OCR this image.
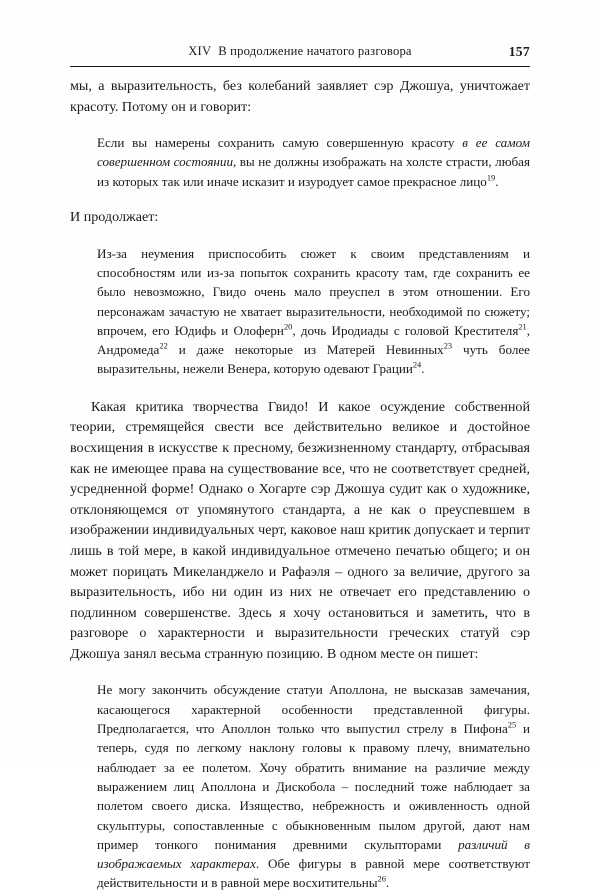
XIV В продолжение начатого разговора	157

мы, а выразительность, без колебаний заявляет сэр Джошуа, уничтожает красоту. Потому он и говорит:

Если вы намерены сохранить самую совершенную красоту в ее самом совершенном состоянии, вы не должны изображать на холсте страсти, любая из которых так или иначе исказит и изуродует самое прекрасное лицо$^{19}$.

И продолжает:

Из-за неумения приспособить сюжет к своим представлениям и способностям или из-за попыток сохранить красоту там, где сохранить ее было невозможно, Гвидо очень мало преуспел в этом отношении. Его персонажам зачастую не хватает выразительности, необходимой по сюжету; впрочем, его Юдифь и Олоферн$^{20}$, дочь Иродиады с головой Крестителя$^{21}$, Андромеда$^{22}$ и даже некоторые из Матерей Невинных$^{23}$ чуть более выразительны, нежели Венера, которую одевают Грации$^{24}$.

Какая критика творчества Гвидо! И какое осуждение собственной теории, стремящейся свести все действительно великое и достойное восхищения в искусстве к пресному, безжизненному стандарту, отбрасывая как не имеющее права на существование все, что не соответствует средней, усредненной форме! Однако о Хогарте сэр Джошуа судит как о художнике, отклоняющемся от упомянутого стандарта, а не как о преуспевшем в изображении индивидуальных черт, каковое наш критик допускает и терпит лишь в той мере, в какой индивидуальное отмечено печатью общего; и он может порицать Микеланджело и Рафаэля – одного за величие, другого за выразительность, ибо ни один из них не отвечает его представлению о подлинном совершенстве. Здесь я хочу остановиться и заметить, что в разговоре о характерности и выразительности греческих статуй сэр Джошуа занял весьма странную позицию. В одном месте он пишет:

Не могу закончить обсуждение статуи Аполлона, не высказав замечания, касающегося характерной особенности представленной фигуры. Предполагается, что Аполлон только что выпустил стрелу в Пифона$^{25}$ и теперь, судя по легкому наклону головы к правому плечу, внимательно наблюдает за ее полетом. Хочу обратить внимание на различие между выражением лиц Аполлона и Дискобола – последний тоже наблюдает за полетом своего диска. Изящество, небрежность и оживленность одной скульптуры, сопоставленные с обыкновенным пылом другой, дают нам пример тонкого понимания древними скульпторами различий в изображаемых характерах. Обе фигуры в равной мере соответствуют действительности и в равной мере восхитительны$^{26}$.
